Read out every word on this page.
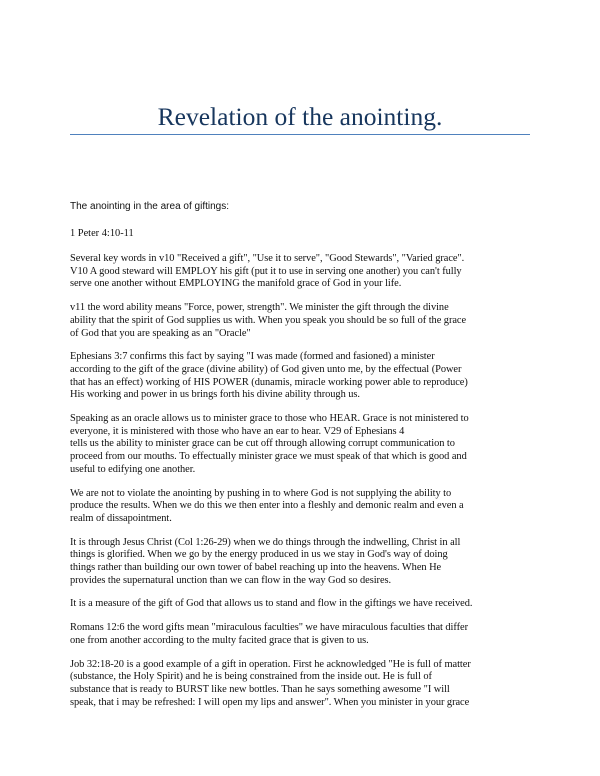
Revelation of the anointing.

The anointing in the area of giftings:

1 Peter 4:10-11

Several key words in v10 "Received a gift", "Use it to serve", "Good Stewards", "Varied grace".
V10 A good steward will EMPLOY his gift (put it to use in serving one another) you can't fully
serve one another without EMPLOYING the manifold grace of God in your life.

v11 the word ability means "Force, power, strength". We minister the gift through the divine
ability that the spirit of God supplies us with. When you speak you should be so full of the grace
of God that you are speaking as an "Oracle"

Ephesians 3:7 confirms this fact by saying "I was made (formed and fasioned) a minister
according to the gift of the grace (divine ability) of God given unto me, by the effectual (Power
that has an effect) working of HIS POWER (dunamis, miracle working power able to reproduce)
His working and power in us brings forth his divine ability through us.

Speaking as an oracle allows us to minister grace to those who HEAR. Grace is not ministered to
everyone, it is ministered with those who have an ear to hear. V29 of Ephesians 4
tells us the ability to minister grace can be cut off through allowing corrupt communication to
proceed from our mouths. To effectually minister grace we must speak of that which is good and
useful to edifying one another.

We are not to violate the anointing by pushing in to where God is not supplying the ability to
produce the results. When we do this we then enter into a fleshly and demonic realm and even a
realm of dissapointment.

It is through Jesus Christ (Col 1:26-29) when we do things through the indwelling, Christ in all
things is glorified. When we go by the energy produced in us we stay in God's way of doing
things rather than building our own tower of babel reaching up into the heavens. When He
provides the supernatural unction than we can flow in the way God so desires.

It is a measure of the gift of God that allows us to stand and flow in the giftings we have received.

Romans 12:6 the word gifts mean "miraculous faculties" we have miraculous faculties that differ
one from another according to the multy facited grace that is given to us.

Job 32:18-20 is a good example of a gift in operation. First he acknowledged "He is full of matter
(substance, the Holy Spirit) and he is being constrained from the inside out. He is full of
substance that is ready to BURST like new bottles. Than he says something awesome "I will
speak, that i may be refreshed: I will open my lips and answer". When you minister in your grace
